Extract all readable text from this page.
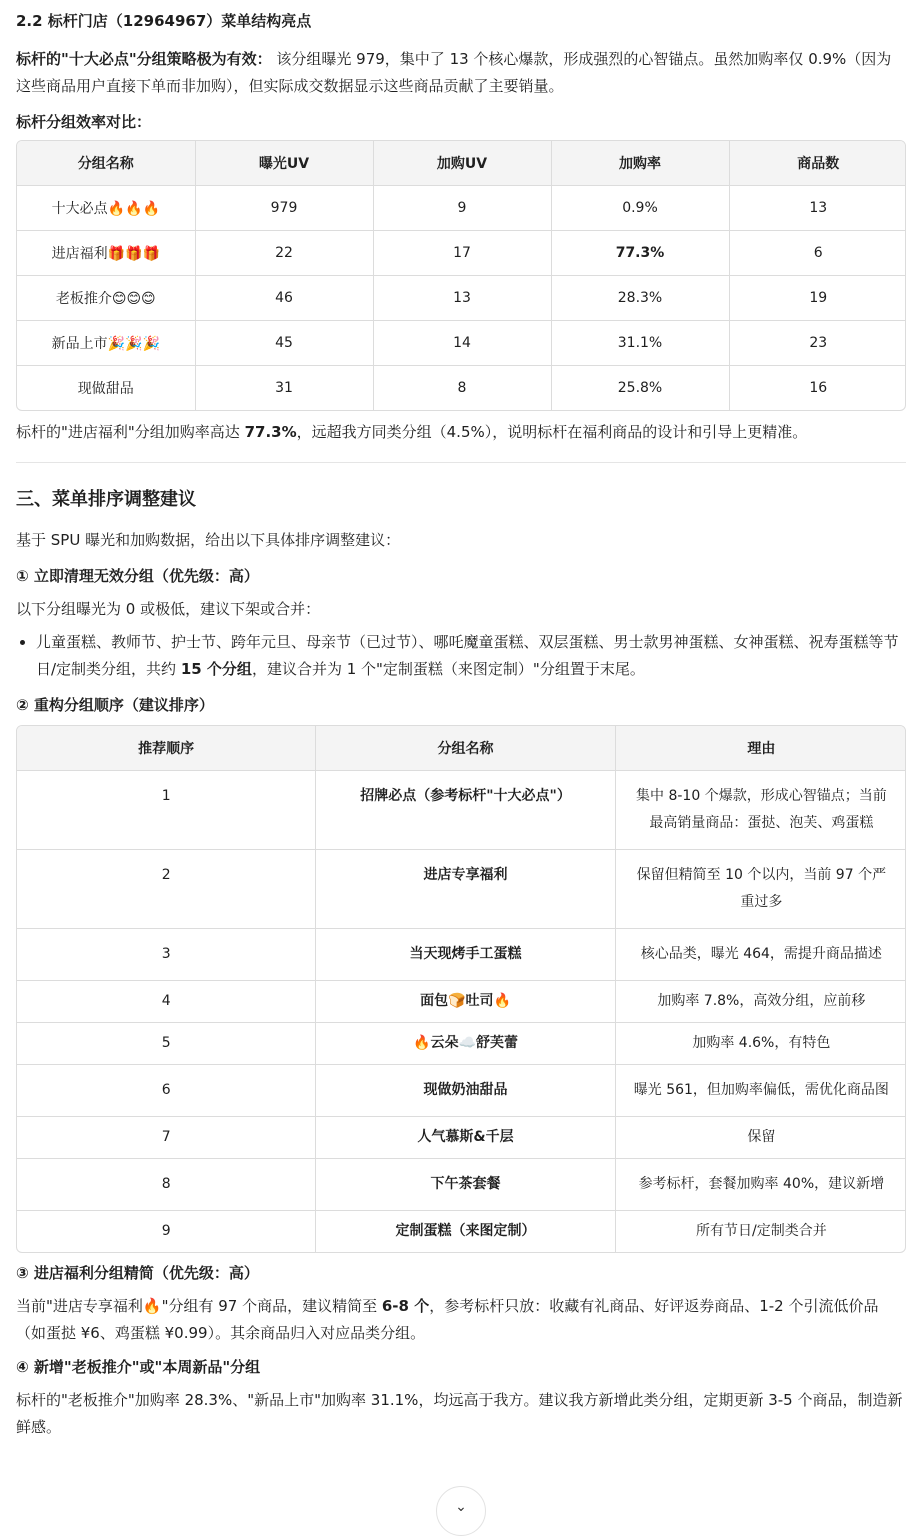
2.2 标杆门店（12964967）菜单结构亮点

标杆的"十大必点"分组策略极为有效： 该分组曝光 979，集中了 13 个核心爆款，形成强烈的心智锚点。虽然加购率仅 0.9%（因为这些商品用户直接下单而非加购），但实际成交数据显示这些商品贡献了主要销量。

标杆分组效率对比：
分组名称	曝光UV	加购UV	加购率	商品数
十大必点🔥🔥🔥	979	9	0.9%	13
进店福利🎁🎁🎁	22	17	77.3%	6
老板推介😊😊😊	46	13	28.3%	19
新品上市🎉🎉🎉	45	14	31.1%	23
现做甜品	31	8	25.8%	16

标杆的"进店福利"分组加购率高达 77.3%，远超我方同类分组（4.5%），说明标杆在福利商品的设计和引导上更精准。

三、菜单排序调整建议

基于 SPU 曝光和加购数据，给出以下具体排序调整建议：

① 立即清理无效分组（优先级：高）

以下分组曝光为 0 或极低，建议下架或合并：

• 儿童蛋糕、教师节、护士节、跨年元旦、母亲节（已过节）、哪吒魔童蛋糕、双层蛋糕、男士款男神蛋糕、女神蛋糕、祝寿蛋糕等节日/定制类分组，共约 15 个分组，建议合并为 1 个"定制蛋糕（来图定制）"分组置于末尾。
② 重构分组顺序（建议排序）
推荐顺序	分组名称	理由
1	招牌必点（参考标杆"十大必点"）	集中 8-10 个爆款，形成心智锚点；当前最高销量商品：蛋挞、泡芙、鸡蛋糕
2	进店专享福利	保留但精简至 10 个以内，当前 97 个严重过多
3	当天现烤手工蛋糕	核心品类，曝光 464，需提升商品描述
4	面包🍞吐司🔥	加购率 7.8%，高效分组，应前移
5	🔥云朵☁️舒芙蕾	加购率 4.6%，有特色
6	现做奶油甜品	曝光 561，但加购率偏低，需优化商品图
7	人气慕斯&千层	保留
8	下午茶套餐	参考标杆，套餐加购率 40%，建议新增
9	定制蛋糕（来图定制）	所有节日/定制类合并
③ 进店福利分组精简（优先级：高）

当前"进店专享福利🔥"分组有 97 个商品，建议精简至 6-8 个，参考标杆只放：收藏有礼商品、好评返券商品、1-2 个引流低价品（如蛋挞 ¥6、鸡蛋糕 ¥0.99）。其余商品归入对应品类分组。

④ 新增"老板推介"或"本周新品"分组

标杆的"老板推介"加购率 28.3%、"新品上市"加购率 31.1%，均远高于我方。建议我方新增此类分组，定期更新 3-5 个商品，制造新鲜感。

⌄
